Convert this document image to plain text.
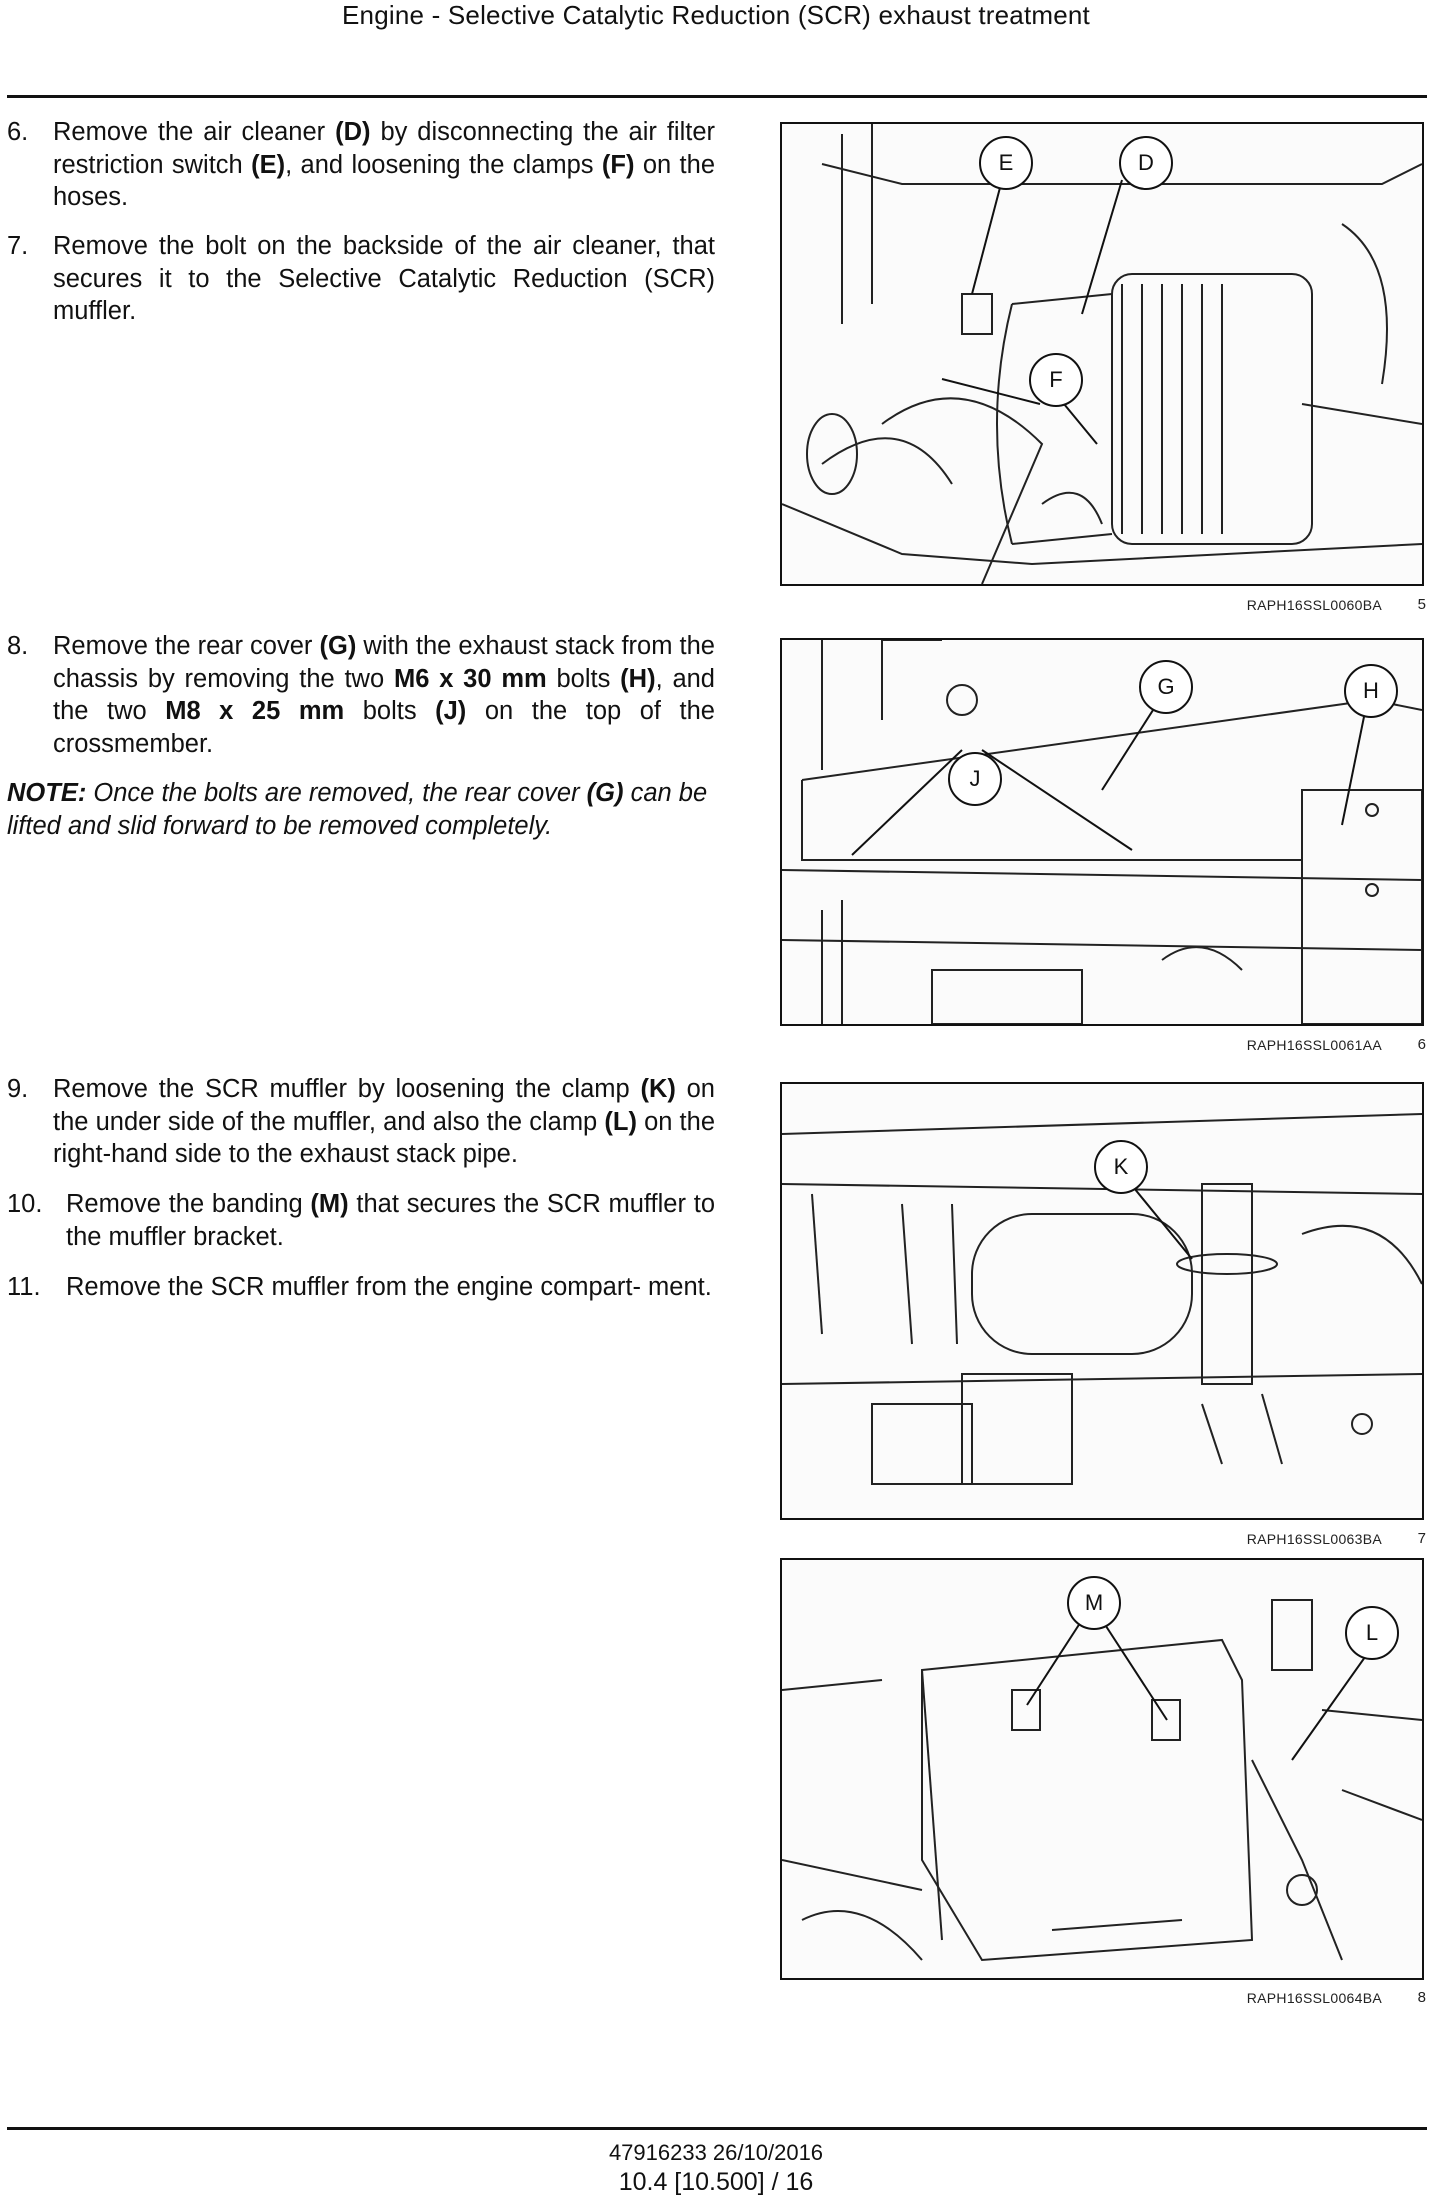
Engine - Selective Catalytic Reduction (SCR) exhaust treatment
6. Remove the air cleaner (D) by disconnecting the air filter restriction switch (E), and loosening the clamps (F) on the hoses.
7. Remove the bolt on the backside of the air cleaner, that secures it to the Selective Catalytic Reduction (SCR) muffler.
8. Remove the rear cover (G) with the exhaust stack from the chassis by removing the two M6 x 30 mm bolts (H), and the two M8 x 25 mm bolts (J) on the top of the crossmember.
NOTE: Once the bolts are removed, the rear cover (G) can be lifted and slid forward to be removed completely.
9. Remove the SCR muffler by loosening the clamp (K) on the under side of the muffler, and also the clamp (L) on the right-hand side to the exhaust stack pipe.
10. Remove the banding (M) that secures the SCR muffler to the muffler bracket.
11. Remove the SCR muffler from the engine compart- ment.
E	D
F
RAPH16SSL0060BA	5
G	H
J
RAPH16SSL0061AA	6
K
RAPH16SSL0063BA	7
M
L
RAPH16SSL0064BA	8
47916233 26/10/2016
10.4 [10.500] / 16
